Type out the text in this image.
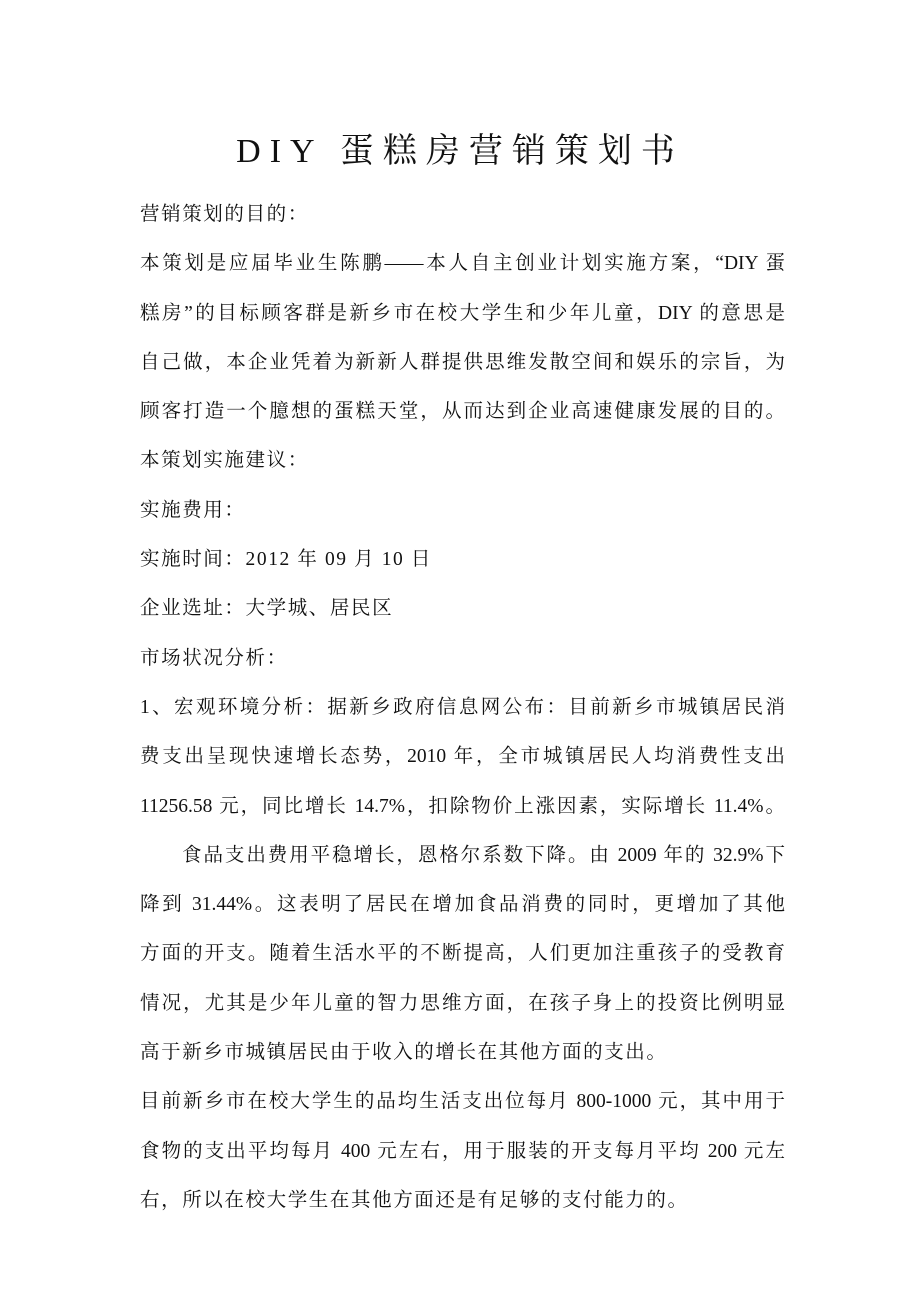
DIY 蛋糕房营销策划书
营销策划的目的：
本策划是应届毕业生陈鹏——本人自主创业计划实施方案，“DIY 蛋
糕房”的目标顾客群是新乡市在校大学生和少年儿童，DIY 的意思是
自己做，本企业凭着为新新人群提供思维发散空间和娱乐的宗旨，为
顾客打造一个臆想的蛋糕天堂，从而达到企业高速健康发展的目的。
本策划实施建议：
实施费用：
实施时间：2012 年 09 月 10 日
企业选址：大学城、居民区
市场状况分析：
1、宏观环境分析：据新乡政府信息网公布：目前新乡市城镇居民消
费支出呈现快速增长态势，2010 年，全市城镇居民人均消费性支出
11256.58 元，同比增长 14.7%，扣除物价上涨因素，实际增长 11.4%。
食品支出费用平稳增长，恩格尔系数下降。由 2009 年的 32.9%下
降到 31.44%。这表明了居民在增加食品消费的同时，更增加了其他
方面的开支。随着生活水平的不断提高，人们更加注重孩子的受教育
情况，尤其是少年儿童的智力思维方面，在孩子身上的投资比例明显
高于新乡市城镇居民由于收入的增长在其他方面的支出。
目前新乡市在校大学生的品均生活支出位每月 800-1000 元，其中用于
食物的支出平均每月 400 元左右，用于服装的开支每月平均 200 元左
右，所以在校大学生在其他方面还是有足够的支付能力的。
